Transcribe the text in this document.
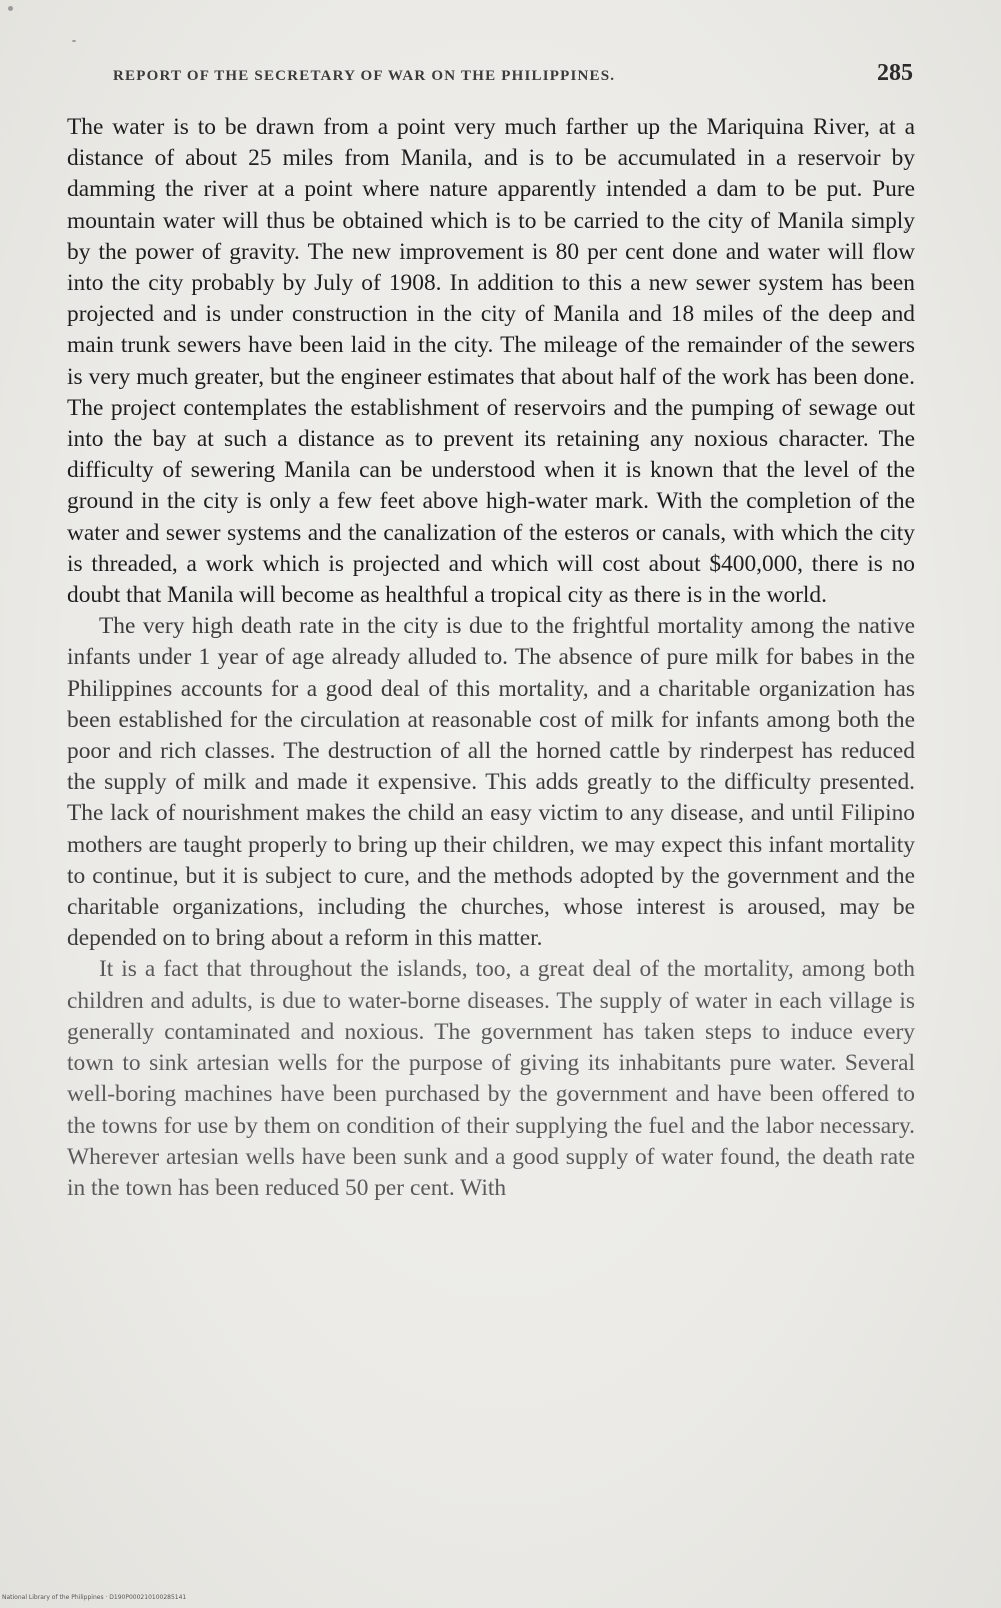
REPORT OF THE SECRETARY OF WAR ON THE PHILIPPINES.	285

The water is to be drawn from a point very much farther up the Mariquina River, at a distance of about 25 miles from Manila, and is to be accumulated in a reservoir by damming the river at a point where nature apparently intended a dam to be put. Pure mountain water will thus be obtained which is to be carried to the city of Manila simply by the power of gravity. The new improvement is 80 per cent done and water will flow into the city probably by July of 1908. In addition to this a new sewer system has been projected and is under construction in the city of Manila and 18 miles of the deep and main trunk sewers have been laid in the city. The mileage of the remainder of the sewers is very much greater, but the engineer estimates that about half of the work has been done. The project contemplates the establishment of reservoirs and the pumping of sewage out into the bay at such a distance as to prevent its retaining any noxious character. The difficulty of sewering Manila can be understood when it is known that the level of the ground in the city is only a few feet above high-water mark. With the completion of the water and sewer systems and the canalization of the esteros or canals, with which the city is threaded, a work which is projected and which will cost about $400,000, there is no doubt that Manila will become as healthful a tropical city as there is in the world.

The very high death rate in the city is due to the frightful mortality among the native infants under 1 year of age already alluded to. The absence of pure milk for babes in the Philippines accounts for a good deal of this mortality, and a charitable organization has been established for the circulation at reasonable cost of milk for infants among both the poor and rich classes. The destruction of all the horned cattle by rinderpest has reduced the supply of milk and made it expensive. This adds greatly to the difficulty presented. The lack of nourishment makes the child an easy victim to any disease, and until Filipino mothers are taught properly to bring up their children, we may expect this infant mortality to continue, but it is subject to cure, and the methods adopted by the government and the charitable organizations, including the churches, whose interest is aroused, may be depended on to bring about a reform in this matter.

It is a fact that throughout the islands, too, a great deal of the mortality, among both children and adults, is due to water-borne diseases. The supply of water in each village is generally contaminated and noxious. The government has taken steps to induce every town to sink artesian wells for the purpose of giving its inhabitants pure water. Several well-boring machines have been purchased by the government and have been offered to the towns for use by them on condition of their supplying the fuel and the labor necessary. Wherever artesian wells have been sunk and a good supply of water found, the death rate in the town has been reduced 50 per cent. With

National Library of the Philippines · D190P000210100285141
